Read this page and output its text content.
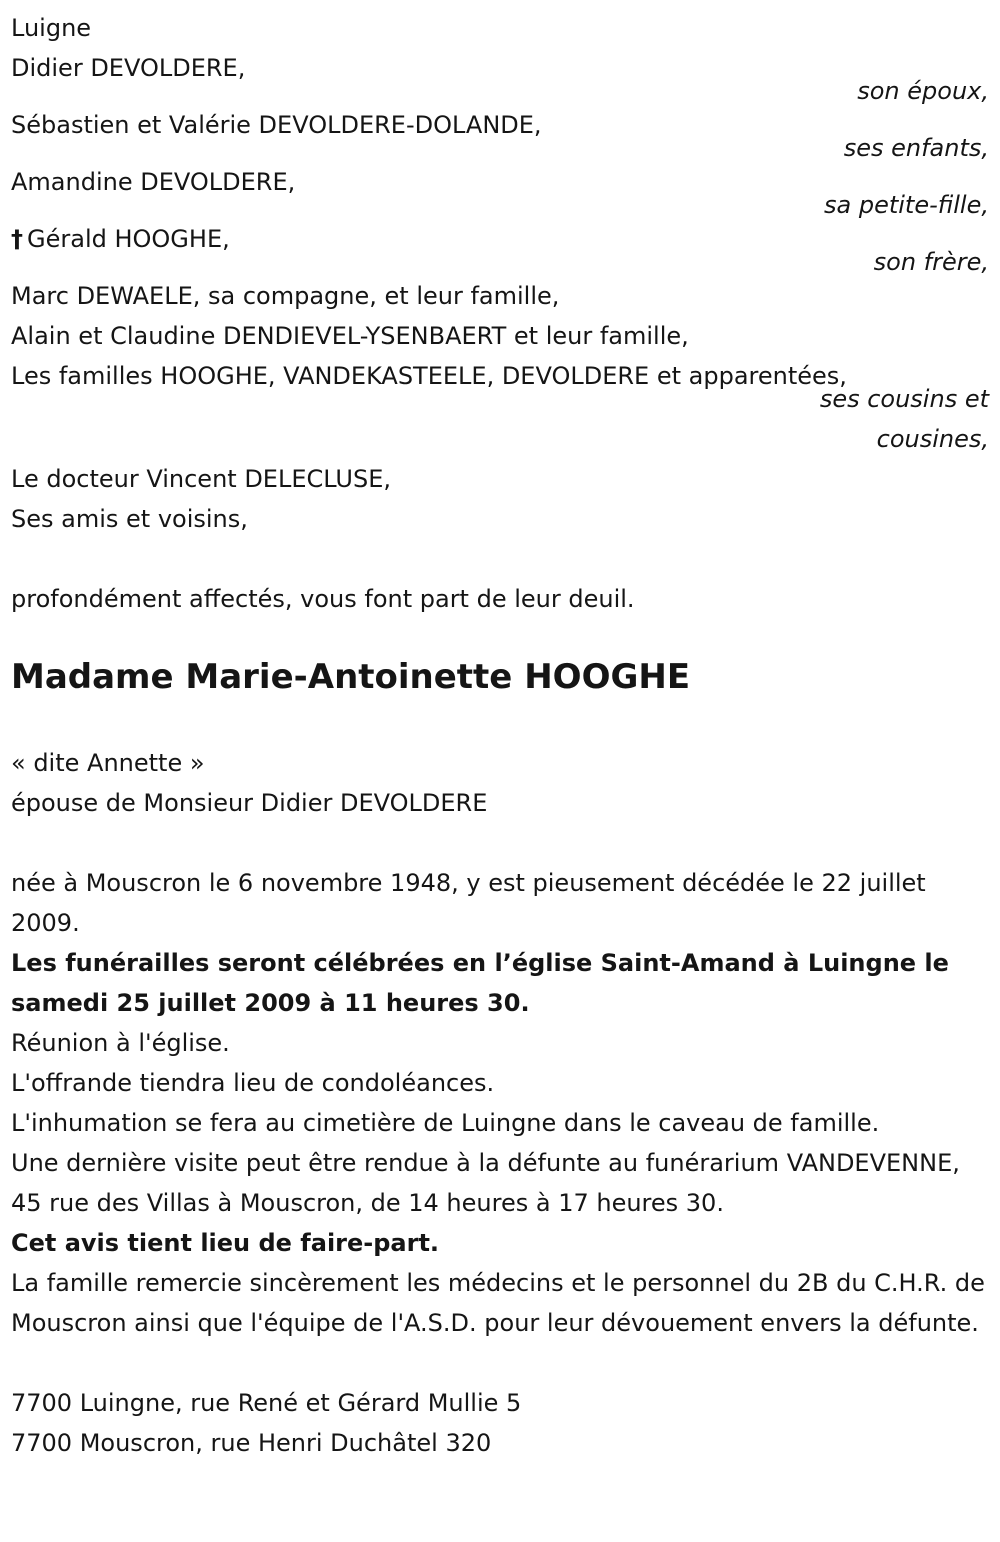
Luigne
Didier DEVOLDERE,
son époux,
Sébastien et Valérie DEVOLDERE-DOLANDE,
ses enfants,
Amandine DEVOLDERE,
sa petite-fille,
† Gérald HOOGHE,
son frère,
Marc DEWAELE, sa compagne, et leur famille,
Alain et Claudine DENDIEVEL-YSENBAERT et leur famille,
Les familles HOOGHE, VANDEKASTEELE, DEVOLDERE et apparentées,
ses cousins et
cousines,
Le docteur Vincent DELECLUSE,
Ses amis et voisins,
profondément affectés, vous font part de leur deuil.
Madame Marie-Antoinette HOOGHE
« dite Annette »
épouse de Monsieur Didier DEVOLDERE
née à Mouscron le 6 novembre 1948, y est pieusement décédée le 22 juillet 2009.
Les funérailles seront célébrées en l’église Saint-Amand à Luingne le samedi 25 juillet 2009 à 11 heures 30.
Réunion à l'église.
L'offrande tiendra lieu de condoléances.
L'inhumation se fera au cimetière de Luingne dans le caveau de famille.
Une dernière visite peut être rendue à la défunte au funérarium VANDEVENNE, 45 rue des Villas à Mouscron, de 14 heures à 17 heures 30.
Cet avis tient lieu de faire-part.
La famille remercie sincèrement les médecins et le personnel du 2B du C.H.R. de Mouscron ainsi que l'équipe de l'A.S.D. pour leur dévouement envers la défunte.
7700 Luingne, rue René et Gérard Mullie 5
7700 Mouscron, rue Henri Duchâtel 320
